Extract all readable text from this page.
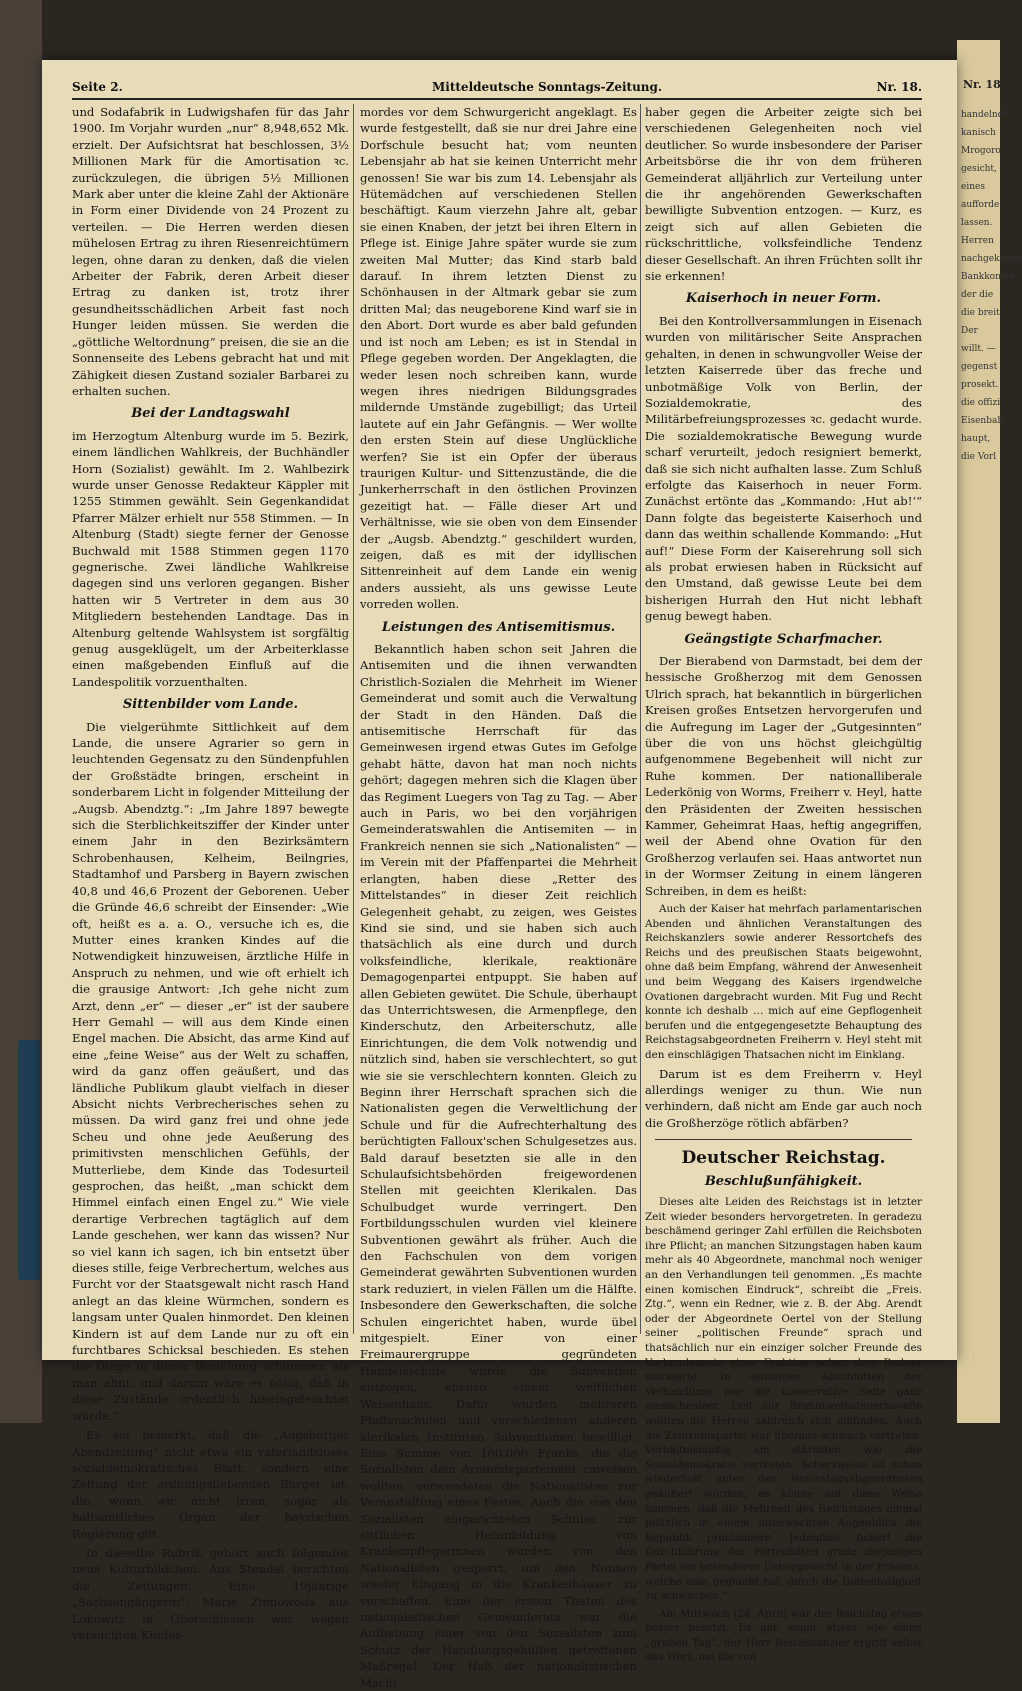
Nr. 18.
handelnde
kanisch
Mrogoro
gesicht,
eines
aufforde
lassen.
Herren
nachgekomm
Bankkonsor
der die
die breit
Der
willt. —
gegenst
prosekt.
die offizi
Eisenbah
haupt,
die Vorl
Seite 2.	Mitteldeutsche Sonntags-Zeitung.	Nr. 18.

und Sodafabrik in Ludwigshafen für das Jahr 1900. Im Vorjahr wurden „nur“ 8,948,652 Mk. erzielt. Der Aufsichtsrat hat beschlossen, 3½ Millionen Mark für die Amortisation ꝛc. zurückzulegen, die übrigen 5½ Millionen Mark aber unter die kleine Zahl der Aktionäre in Form einer Dividende von 24 Prozent zu verteilen. — Die Herren werden diesen mühelosen Ertrag zu ihren Riesenreichtümern legen, ohne daran zu denken, daß die vielen Arbeiter der Fabrik, deren Arbeit dieser Ertrag zu danken ist, trotz ihrer gesundheitsschädlichen Arbeit fast noch Hunger leiden müssen. Sie werden die „göttliche Weltordnung“ preisen, die sie an die Sonnenseite des Lebens gebracht hat und mit Zähigkeit diesen Zustand sozialer Barbarei zu erhalten suchen.

Bei der Landtagswahl

im Herzogtum Altenburg wurde im 5. Bezirk, einem ländlichen Wahlkreis, der Buchhändler Horn (Sozialist) gewählt. Im 2. Wahlbezirk wurde unser Genosse Redakteur Käppler mit 1255 Stimmen gewählt. Sein Gegenkandidat Pfarrer Mälzer erhielt nur 558 Stimmen. — In Altenburg (Stadt) siegte ferner der Genosse Buchwald mit 1588 Stimmen gegen 1170 gegnerische. Zwei ländliche Wahlkreise dagegen sind uns verloren gegangen. Bisher hatten wir 5 Vertreter in dem aus 30 Mitgliedern bestehenden Landtage. Das in Altenburg geltende Wahlsystem ist sorgfältig genug ausgeklügelt, um der Arbeiterklasse einen maßgebenden Einfluß auf die Landespolitik vorzuenthalten.

Sittenbilder vom Lande.

Die vielgerühmte Sittlichkeit auf dem Lande, die unsere Agrarier so gern in leuchtenden Gegensatz zu den Sündenpfuhlen der Großstädte bringen, erscheint in sonderbarem Licht in folgender Mitteilung der „Augsb. Abendztg.“: „Im Jahre 1897 bewegte sich die Sterblichkeitsziffer der Kinder unter einem Jahr in den Bezirksämtern Schrobenhausen, Kelheim, Beilngries, Stadtamhof und Parsberg in Bayern zwischen 40,8 und 46,6 Prozent der Geborenen. Ueber die Gründe 46,6 schreibt der Einsender: „Wie oft, heißt es a. a. O., versuche ich es, die Mutter eines kranken Kindes auf die Notwendigkeit hinzuweisen, ärztliche Hilfe in Anspruch zu nehmen, und wie oft erhielt ich die grausige Antwort: ‚Ich gehe nicht zum Arzt, denn „er“ — dieser „er“ ist der saubere Herr Gemahl — will aus dem Kinde einen Engel machen. Die Absicht, das arme Kind auf eine „feine Weise“ aus der Welt zu schaffen, wird da ganz offen geäußert, und das ländliche Publikum glaubt vielfach in dieser Absicht nichts Verbrecherisches sehen zu müssen. Da wird ganz frei und ohne jede Scheu und ohne jede Aeußerung des primitivsten menschlichen Gefühls, der Mutterliebe, dem Kinde das Todesurteil gesprochen, das heißt, „man schickt dem Himmel einfach einen Engel zu.“ Wie viele derartige Verbrechen tagtäglich auf dem Lande geschehen, wer kann das wissen? Nur so viel kann ich sagen, ich bin entsetzt über dieses stille, feige Verbrechertum, welches aus Furcht vor der Staatsgewalt nicht rasch Hand anlegt an das kleine Würmchen, sondern es langsam unter Qualen hinmordet. Den kleinen Kindern ist auf dem Lande nur zu oft ein furchtbares Schicksal beschieden. Es stehen die Dinge in dieser Beziehung schlimmer, als man ahnt, und darum wäre es nötig, daß in diese Zustände ordentlich hineingeleuchtet würde.“

Es sei bemerkt, daß die „Augsburger Abendzeitung“ nicht etwa ein vaterlandsloses sozialdemokratisches Blatt, sondern eine Zeitung der ordnungsliebenden Bürger ist, die, wenn wir nicht irren, sogar als halbamtliches Organ der bayrischen Regierung gilt.

In dieselbe Rubrik gehört auch folgendes neue Kulturbildchen. Aus Stendal berichten die Zeitungen: Eine 19jährige „Sachsengängerin“, Marie Zinnowoda aus Lokowitz in Oberschlesien war wegen versuchten Kindes-

mordes vor dem Schwurgericht angeklagt. Es wurde festgestellt, daß sie nur drei Jahre eine Dorfschule besucht hat; vom neunten Lebensjahr ab hat sie keinen Unterricht mehr genossen! Sie war bis zum 14. Lebensjahr als Hütemädchen auf verschiedenen Stellen beschäftigt. Kaum vierzehn Jahre alt, gebar sie einen Knaben, der jetzt bei ihren Eltern in Pflege ist. Einige Jahre später wurde sie zum zweiten Mal Mutter; das Kind starb bald darauf. In ihrem letzten Dienst zu Schönhausen in der Altmark gebar sie zum dritten Mal; das neugeborene Kind warf sie in den Abort. Dort wurde es aber bald gefunden und ist noch am Leben; es ist in Stendal in Pflege gegeben worden. Der Angeklagten, die weder lesen noch schreiben kann, wurde wegen ihres niedrigen Bildungsgrades mildernde Umstände zugebilligt; das Urteil lautete auf ein Jahr Gefängnis. — Wer wollte den ersten Stein auf diese Unglückliche werfen? Sie ist ein Opfer der überaus traurigen Kultur- und Sittenzustände, die die Junkerherrschaft in den östlichen Provinzen gezeitigt hat. — Fälle dieser Art und Verhältnisse, wie sie oben von dem Einsender der „Augsb. Abendztg.“ geschildert wurden, zeigen, daß es mit der idyllischen Sittenreinheit auf dem Lande ein wenig anders aussieht, als uns gewisse Leute vorreden wollen.

Leistungen des Antisemitismus.

Bekanntlich haben schon seit Jahren die Antisemiten und die ihnen verwandten Christlich-Sozialen die Mehrheit im Wiener Gemeinderat und somit auch die Verwaltung der Stadt in den Händen. Daß die antisemitische Herrschaft für das Gemeinwesen irgend etwas Gutes im Gefolge gehabt hätte, davon hat man noch nichts gehört; dagegen mehren sich die Klagen über das Regiment Luegers von Tag zu Tag. — Aber auch in Paris, wo bei den vorjährigen Gemeinderatswahlen die Antisemiten — in Frankreich nennen sie sich „Nationalisten“ — im Verein mit der Pfaffenpartei die Mehrheit erlangten, haben diese „Retter des Mittelstandes“ in dieser Zeit reichlich Gelegenheit gehabt, zu zeigen, wes Geistes Kind sie sind, und sie haben sich auch thatsächlich als eine durch und durch volksfeindliche, klerikale, reaktionäre Demagogenpartei entpuppt. Sie haben auf allen Gebieten gewütet. Die Schule, überhaupt das Unterrichtswesen, die Armenpflege, den Kinderschutz, den Arbeiterschutz, alle Einrichtungen, die dem Volk notwendig und nützlich sind, haben sie verschlechtert, so gut wie sie sie verschlechtern konnten. Gleich zu Beginn ihrer Herrschaft sprachen sich die Nationalisten gegen die Verweltlichung der Schule und für die Aufrechterhaltung des berüchtigten Falloux'schen Schulgesetzes aus. Bald darauf besetzten sie alle in den Schulaufsichtsbehörden freigewordenen Stellen mit geeichten Klerikalen. Das Schulbudget wurde verringert. Den Fortbildungsschulen wurden viel kleinere Subventionen gewährt als früher. Auch die den Fachschulen von dem vorigen Gemeinderat gewährten Subventionen wurden stark reduziert, in vielen Fällen um die Hälfte. Insbesondere den Gewerkschaften, die solche Schulen eingerichtet haben, wurde übel mitgespielt. Einer von einer Freimaurergruppe gegründeten Handelsschule wurde die Subvention entzogen, ebenso einem weltlichen Waisenhaus. Dafür wurden mehreren Pfaffenschulen und verschiedenen anderen klerikalen Instituten Subventionen bewilligt. Eine Summe von 100,000 Franks, die die Sozialisten dem Armendepartement zuweisen wollten, verwendeten die Nationalisten zur Veranstaltung eines Festes. Auch die von den Sozialisten eingerichteten Schulen zur sittlichen Heranbildung von Krankenpflegerinnen wurden von den Nationalisten gesperrt, um den Nonnen wieder Eingang in die Krankenhäuser zu verschaffen. Eine der ersten Thaten des nationalistischen Gemeinderats war die Aufhebung einer von den Sozialisten zum Schutz der Handlungsgehülfen getroffenen Maßregel. Der Haß der nationalistischen Macht-

haber gegen die Arbeiter zeigte sich bei verschiedenen Gelegenheiten noch viel deutlicher. So wurde insbesondere der Pariser Arbeitsbörse die ihr von dem früheren Gemeinderat alljährlich zur Verteilung unter die ihr angehörenden Gewerkschaften bewilligte Subvention entzogen. — Kurz, es zeigt sich auf allen Gebieten die rückschrittliche, volksfeindliche Tendenz dieser Gesellschaft. An ihren Früchten sollt ihr sie erkennen!

Kaiserhoch in neuer Form.

Bei den Kontrollversammlungen in Eisenach wurden von militärischer Seite Ansprachen gehalten, in denen in schwungvoller Weise der letzten Kaiserrede über das freche und unbotmäßige Volk von Berlin, der Sozialdemokratie, des Militärbefreiungsprozesses ꝛc. gedacht wurde. Die sozialdemokratische Bewegung wurde scharf verurteilt, jedoch resigniert bemerkt, daß sie sich nicht aufhalten lasse. Zum Schluß erfolgte das Kaiserhoch in neuer Form. Zunächst ertönte das „Kommando: ‚Hut ab!‘“ Dann folgte das begeisterte Kaiserhoch und dann das weithin schallende Kommando: „Hut auf!“ Diese Form der Kaiserehrung soll sich als probat erwiesen haben in Rücksicht auf den Umstand, daß gewisse Leute bei dem bisherigen Hurrah den Hut nicht lebhaft genug bewegt haben.

Geängstigte Scharfmacher.

Der Bierabend von Darmstadt, bei dem der hessische Großherzog mit dem Genossen Ulrich sprach, hat bekanntlich in bürgerlichen Kreisen großes Entsetzen hervorgerufen und die Aufregung im Lager der „Gutgesinnten“ über die von uns höchst gleichgültig aufgenommene Begebenheit will nicht zur Ruhe kommen. Der nationalliberale Lederkönig von Worms, Freiherr v. Heyl, hatte den Präsidenten der Zweiten hessischen Kammer, Geheimrat Haas, heftig angegriffen, weil der Abend ohne Ovation für den Großherzog verlaufen sei. Haas antwortet nun in der Wormser Zeitung in einem längeren Schreiben, in dem es heißt:

Auch der Kaiser hat mehrfach parlamentarischen Abenden und ähnlichen Veranstaltungen des Reichskanzlers sowie anderer Ressortchefs des Reichs und des preußischen Staats beigewohnt, ohne daß beim Empfang, während der Anwesenheit und beim Weggang des Kaisers irgendwelche Ovationen dargebracht wurden. Mit Fug und Recht konnte ich deshalb … mich auf eine Gepflogenheit berufen und die entgegengesetzte Behauptung des Reichstagsabgeordneten Freiherrn v. Heyl steht mit den einschlägigen Thatsachen nicht im Einklang.

Darum ist es dem Freiherrn v. Heyl allerdings weniger zu thun. Wie nun verhindern, daß nicht am Ende gar auch noch die Großherzöge rötlich abfärben?

Deutscher Reichstag.
Beschlußunfähigkeit.

Dieses alte Leiden des Reichstags ist in letzter Zeit wieder besonders hervorgetreten. In geradezu beschämend geringer Zahl erfüllen die Reichsboten ihre Pflicht; an manchen Sitzungstagen haben kaum mehr als 40 Abgeordnete, manchmal noch weniger an den Verhandlungen teil genommen. „Es machte einen komischen Eindruck“, schreibt die „Freis. Ztg.“, wenn ein Redner, wie z. B. der Abg. Arendt oder der Abgeordnete Oertel von der Stellung seiner „politischen Freunde“ sprach und thatsächlich nur ein einziger solcher Freunde des Vorhandensein einer Fraktion neben dem Redner markierte. In einzelnen Abschnitten der Verhandlung war die konservative Seite ganz menschenleer. Erst zur Branntweinsteuernovelle wollten die Herren zahlreich sich einfinden. Auch die Zentrumspartei war überaus schwach vertreten. Verhältnismäßig am stärksten war die Sozialdemokratie vertreten. Scherzweise ist schon wiederholt unter den Reichstagsabgeordneten geäußert worden, es könne auf diese Weise kommen, daß die Mehrheit des Reichstages einmal plötzlich in einem unbewachten Augenblick die Republik proklamiere. Jedenfalls fichert die Durchführung der Parteidiäten grade derjenigen Partei ein besonderes Uebergewicht in der Präsenz, welche man geglaubt hat, durch die Diätenlosigkeit zu schwächen.“

Am Mittwoch (24. April) war der Reichstag etwas besser besetzt. Es gab sogar etwas wie einen „großen Tag“, der Herr Reichskanzler ergriff selbst das Wort, um die von
